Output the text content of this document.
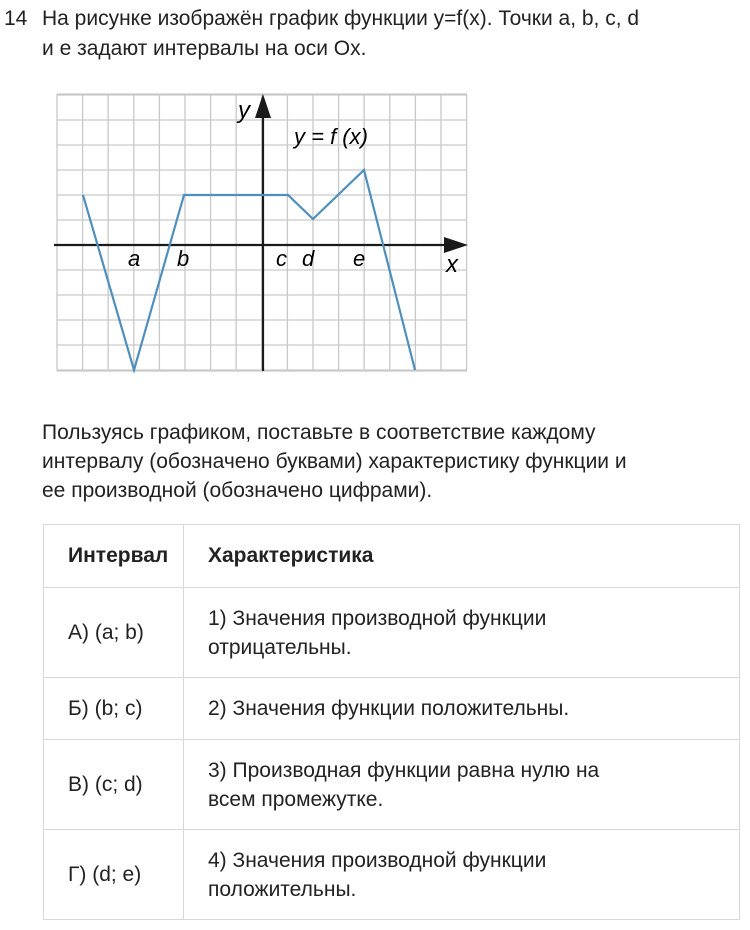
14 На рисунке изображён график функции y=f(x). Точки a, b, c, d
и е задают интервалы на оси Ox.
y
x
y = f (x)
a b	c d e
Пользуясь графиком, поставьте в соответствие каждому
интервалу (обозначено буквами) характеристику функции и
ее производной (обозначено цифрами).
Интервал	Характеристика
А) (a; b)	1) Значения производной функции
отрицательны.

Б) (b; c)	2) Значения функции положительны.

В) (c; d)	3) Производная функции равна нулю на
всем промежутке.

Г) (d; e)	4) Значения производной функции
положительны.
